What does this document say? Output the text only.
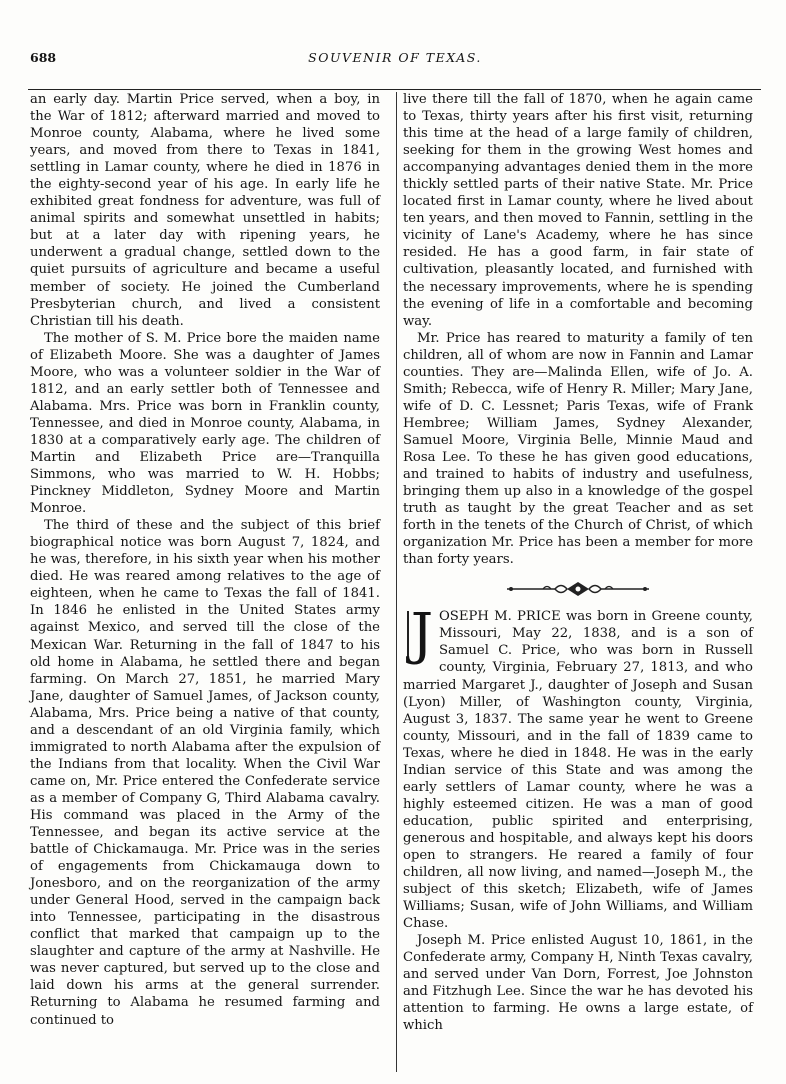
688	SOUVENIR OF TEXAS.

an early day. Martin Price served, when a boy, in the War of 1812; afterward married and moved to Monroe county, Alabama, where he lived some years, and moved from there to Texas in 1841, settling in Lamar county, where he died in 1876 in the eighty-second year of his age. In early life he exhibited great fondness for adventure, was full of animal spirits and somewhat unsettled in habits; but at a later day with ripening years, he underwent a gradual change, settled down to the quiet pursuits of agriculture and became a useful member of society. He joined the Cumberland Presbyterian church, and lived a consistent Christian till his death.

The mother of S. M. Price bore the maiden name of Elizabeth Moore. She was a daughter of James Moore, who was a volunteer soldier in the War of 1812, and an early settler both of Tennessee and Alabama. Mrs. Price was born in Franklin county, Tennessee, and died in Monroe county, Alabama, in 1830 at a comparatively early age. The children of Martin and Elizabeth Price are—Tranquilla Simmons, who was married to W. H. Hobbs; Pinckney Middleton, Sydney Moore and Martin Monroe.

The third of these and the subject of this brief biographical notice was born August 7, 1824, and he was, therefore, in his sixth year when his mother died. He was reared among relatives to the age of eighteen, when he came to Texas the fall of 1841. In 1846 he enlisted in the United States army against Mexico, and served till the close of the Mexican War. Returning in the fall of 1847 to his old home in Alabama, he settled there and began farming. On March 27, 1851, he married Mary Jane, daughter of Samuel James, of Jackson county, Alabama, Mrs. Price being a native of that county, and a descendant of an old Virginia family, which immigrated to north Alabama after the expulsion of the Indians from that locality. When the Civil War came on, Mr. Price entered the Confederate service as a member of Company G, Third Alabama cavalry. His command was placed in the Army of the Tennessee, and began its active service at the battle of Chickamauga. Mr. Price was in the series of engagements from Chickamauga down to Jonesboro, and on the reorganization of the army under General Hood, served in the campaign back into Tennessee, participating in the disastrous conflict that marked that campaign up to the slaughter and capture of the army at Nashville. He was never captured, but served up to the close and laid down his arms at the general surrender. Returning to Alabama he resumed farming and continued to

live there till the fall of 1870, when he again came to Texas, thirty years after his first visit, returning this time at the head of a large family of children, seeking for them in the growing West homes and accompanying advantages denied them in the more thickly settled parts of their native State. Mr. Price located first in Lamar county, where he lived about ten years, and then moved to Fannin, settling in the vicinity of Lane's Academy, where he has since resided. He has a good farm, in fair state of cultivation, pleasantly located, and furnished with the necessary improvements, where he is spending the evening of life in a comfortable and becoming way.

Mr. Price has reared to maturity a family of ten children, all of whom are now in Fannin and Lamar counties. They are—Malinda Ellen, wife of Jo. A. Smith; Rebecca, wife of Henry R. Miller; Mary Jane, wife of D. C. Lessnet; Paris Texas, wife of Frank Hembree; William James, Sydney Alexander, Samuel Moore, Virginia Belle, Minnie Maud and Rosa Lee. To these he has given good educations, and trained to habits of industry and usefulness, bringing them up also in a knowledge of the gospel truth as taught by the great Teacher and as set forth in the tenets of the Church of Christ, of which organization Mr. Price has been a member for more than forty years.

J OSEPH M. PRICE was born in Greene county, Missouri, May 22, 1838, and is a son of Samuel C. Price, who was born in Russell county, Virginia, February 27, 1813, and who married Margaret J., daughter of Joseph and Susan (Lyon) Miller, of Washington county, Virginia, August 3, 1837. The same year he went to Greene county, Missouri, and in the fall of 1839 came to Texas, where he died in 1848. He was in the early Indian service of this State and was among the early settlers of Lamar county, where he was a highly esteemed citizen. He was a man of good education, public spirited and enterprising, generous and hospitable, and always kept his doors open to strangers. He reared a family of four children, all now living, and named—Joseph M., the subject of this sketch; Elizabeth, wife of James Williams; Susan, wife of John Williams, and William Chase.

Joseph M. Price enlisted August 10, 1861, in the Confederate army, Company H, Ninth Texas cavalry, and served under Van Dorn, Forrest, Joe Johnston and Fitzhugh Lee. Since the war he has devoted his attention to farming. He owns a large estate, of which
